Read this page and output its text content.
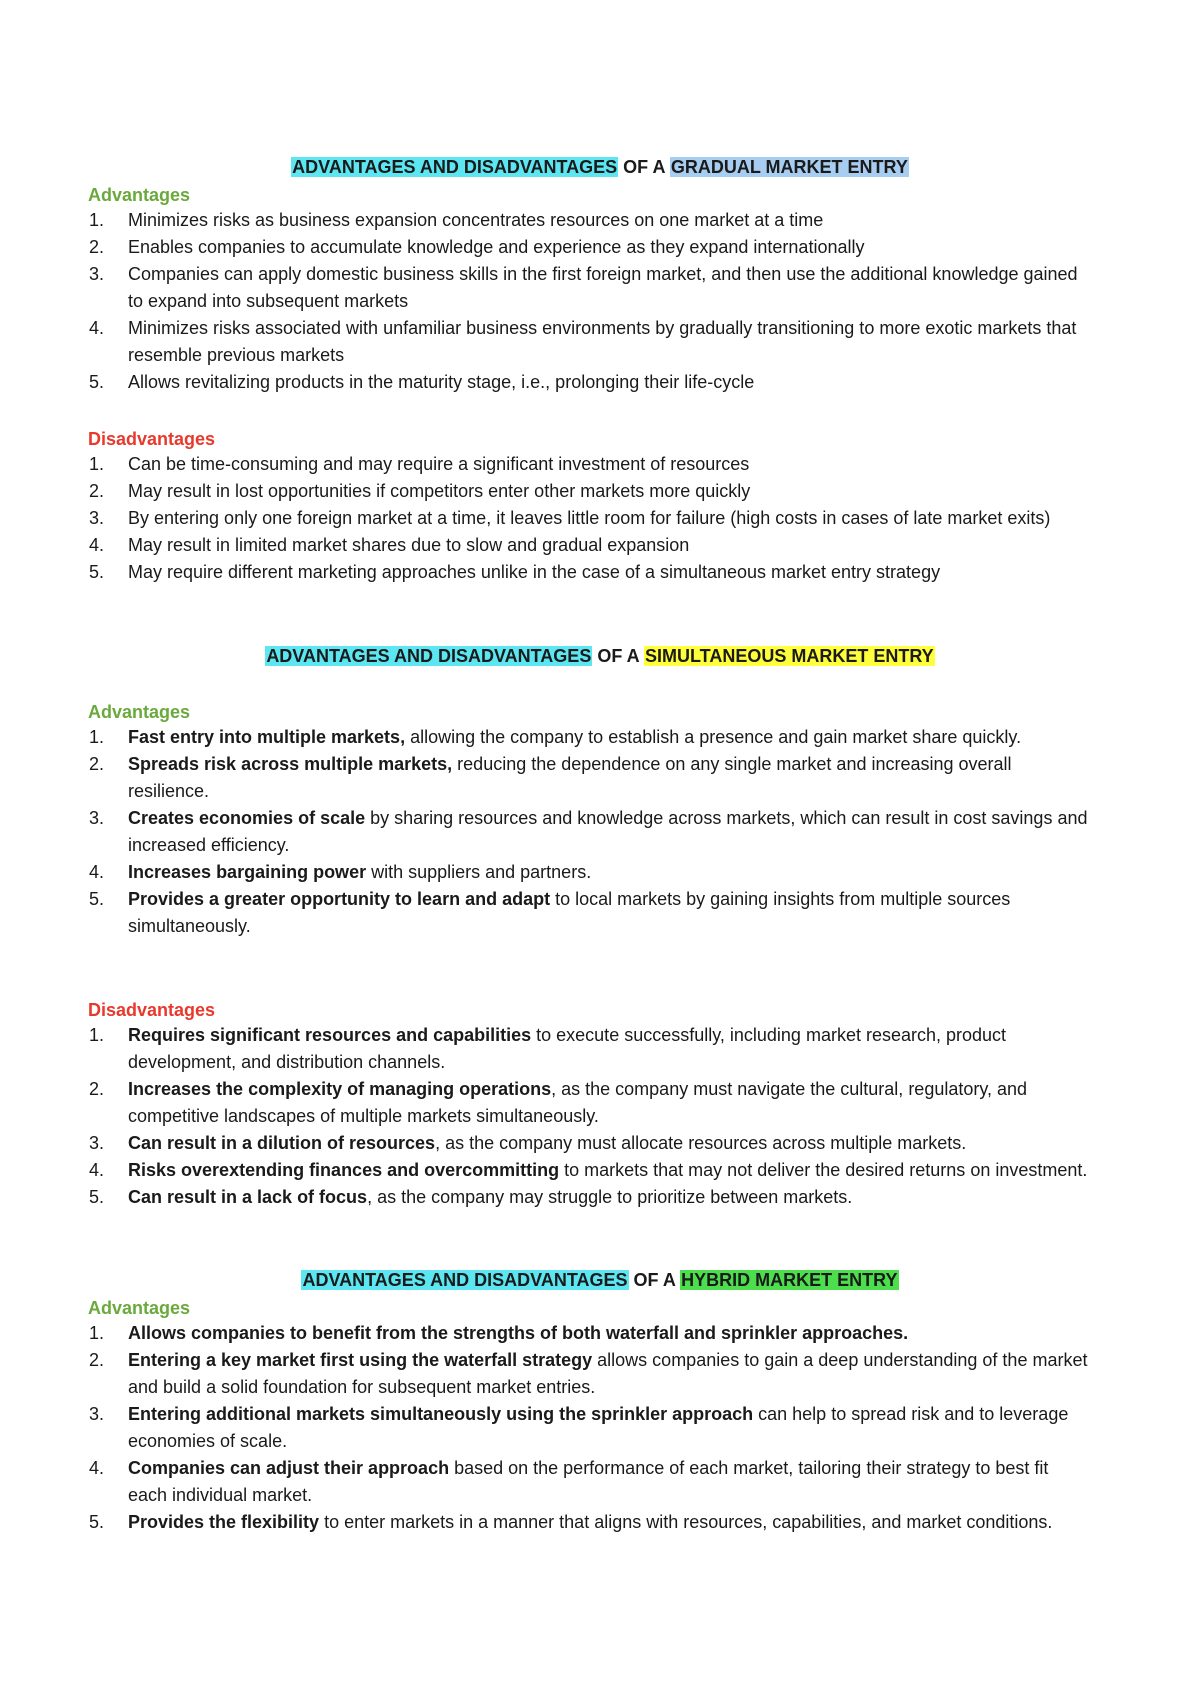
ADVANTAGES AND DISADVANTAGES OF A GRADUAL MARKET ENTRY
Advantages
1. Minimizes risks as business expansion concentrates resources on one market at a time
2. Enables companies to accumulate knowledge and experience as they expand internationally
3. Companies can apply domestic business skills in the first foreign market, and then use the additional knowledge gained to expand into subsequent markets
4. Minimizes risks associated with unfamiliar business environments by gradually transitioning to more exotic markets that resemble previous markets
5. Allows revitalizing products in the maturity stage, i.e., prolonging their life-cycle
Disadvantages
1. Can be time-consuming and may require a significant investment of resources
2. May result in lost opportunities if competitors enter other markets more quickly
3. By entering only one foreign market at a time, it leaves little room for failure (high costs in cases of late market exits)
4. May result in limited market shares due to slow and gradual expansion
5. May require different marketing approaches unlike in the case of a simultaneous market entry strategy
ADVANTAGES AND DISADVANTAGES OF A SIMULTANEOUS MARKET ENTRY
Advantages
1. Fast entry into multiple markets, allowing the company to establish a presence and gain market share quickly.
2. Spreads risk across multiple markets, reducing the dependence on any single market and increasing overall resilience.
3. Creates economies of scale by sharing resources and knowledge across markets, which can result in cost savings and increased efficiency.
4. Increases bargaining power with suppliers and partners.
5. Provides a greater opportunity to learn and adapt to local markets by gaining insights from multiple sources simultaneously.
Disadvantages
1. Requires significant resources and capabilities to execute successfully, including market research, product development, and distribution channels.
2. Increases the complexity of managing operations, as the company must navigate the cultural, regulatory, and competitive landscapes of multiple markets simultaneously.
3. Can result in a dilution of resources, as the company must allocate resources across multiple markets.
4. Risks overextending finances and overcommitting to markets that may not deliver the desired returns on investment.
5. Can result in a lack of focus, as the company may struggle to prioritize between markets.
ADVANTAGES AND DISADVANTAGES OF A HYBRID MARKET ENTRY
Advantages
1. Allows companies to benefit from the strengths of both waterfall and sprinkler approaches.
2. Entering a key market first using the waterfall strategy allows companies to gain a deep understanding of the market and build a solid foundation for subsequent market entries.
3. Entering additional markets simultaneously using the sprinkler approach can help to spread risk and to leverage economies of scale.
4. Companies can adjust their approach based on the performance of each market, tailoring their strategy to best fit each individual market.
5. Provides the flexibility to enter markets in a manner that aligns with resources, capabilities, and market conditions.
